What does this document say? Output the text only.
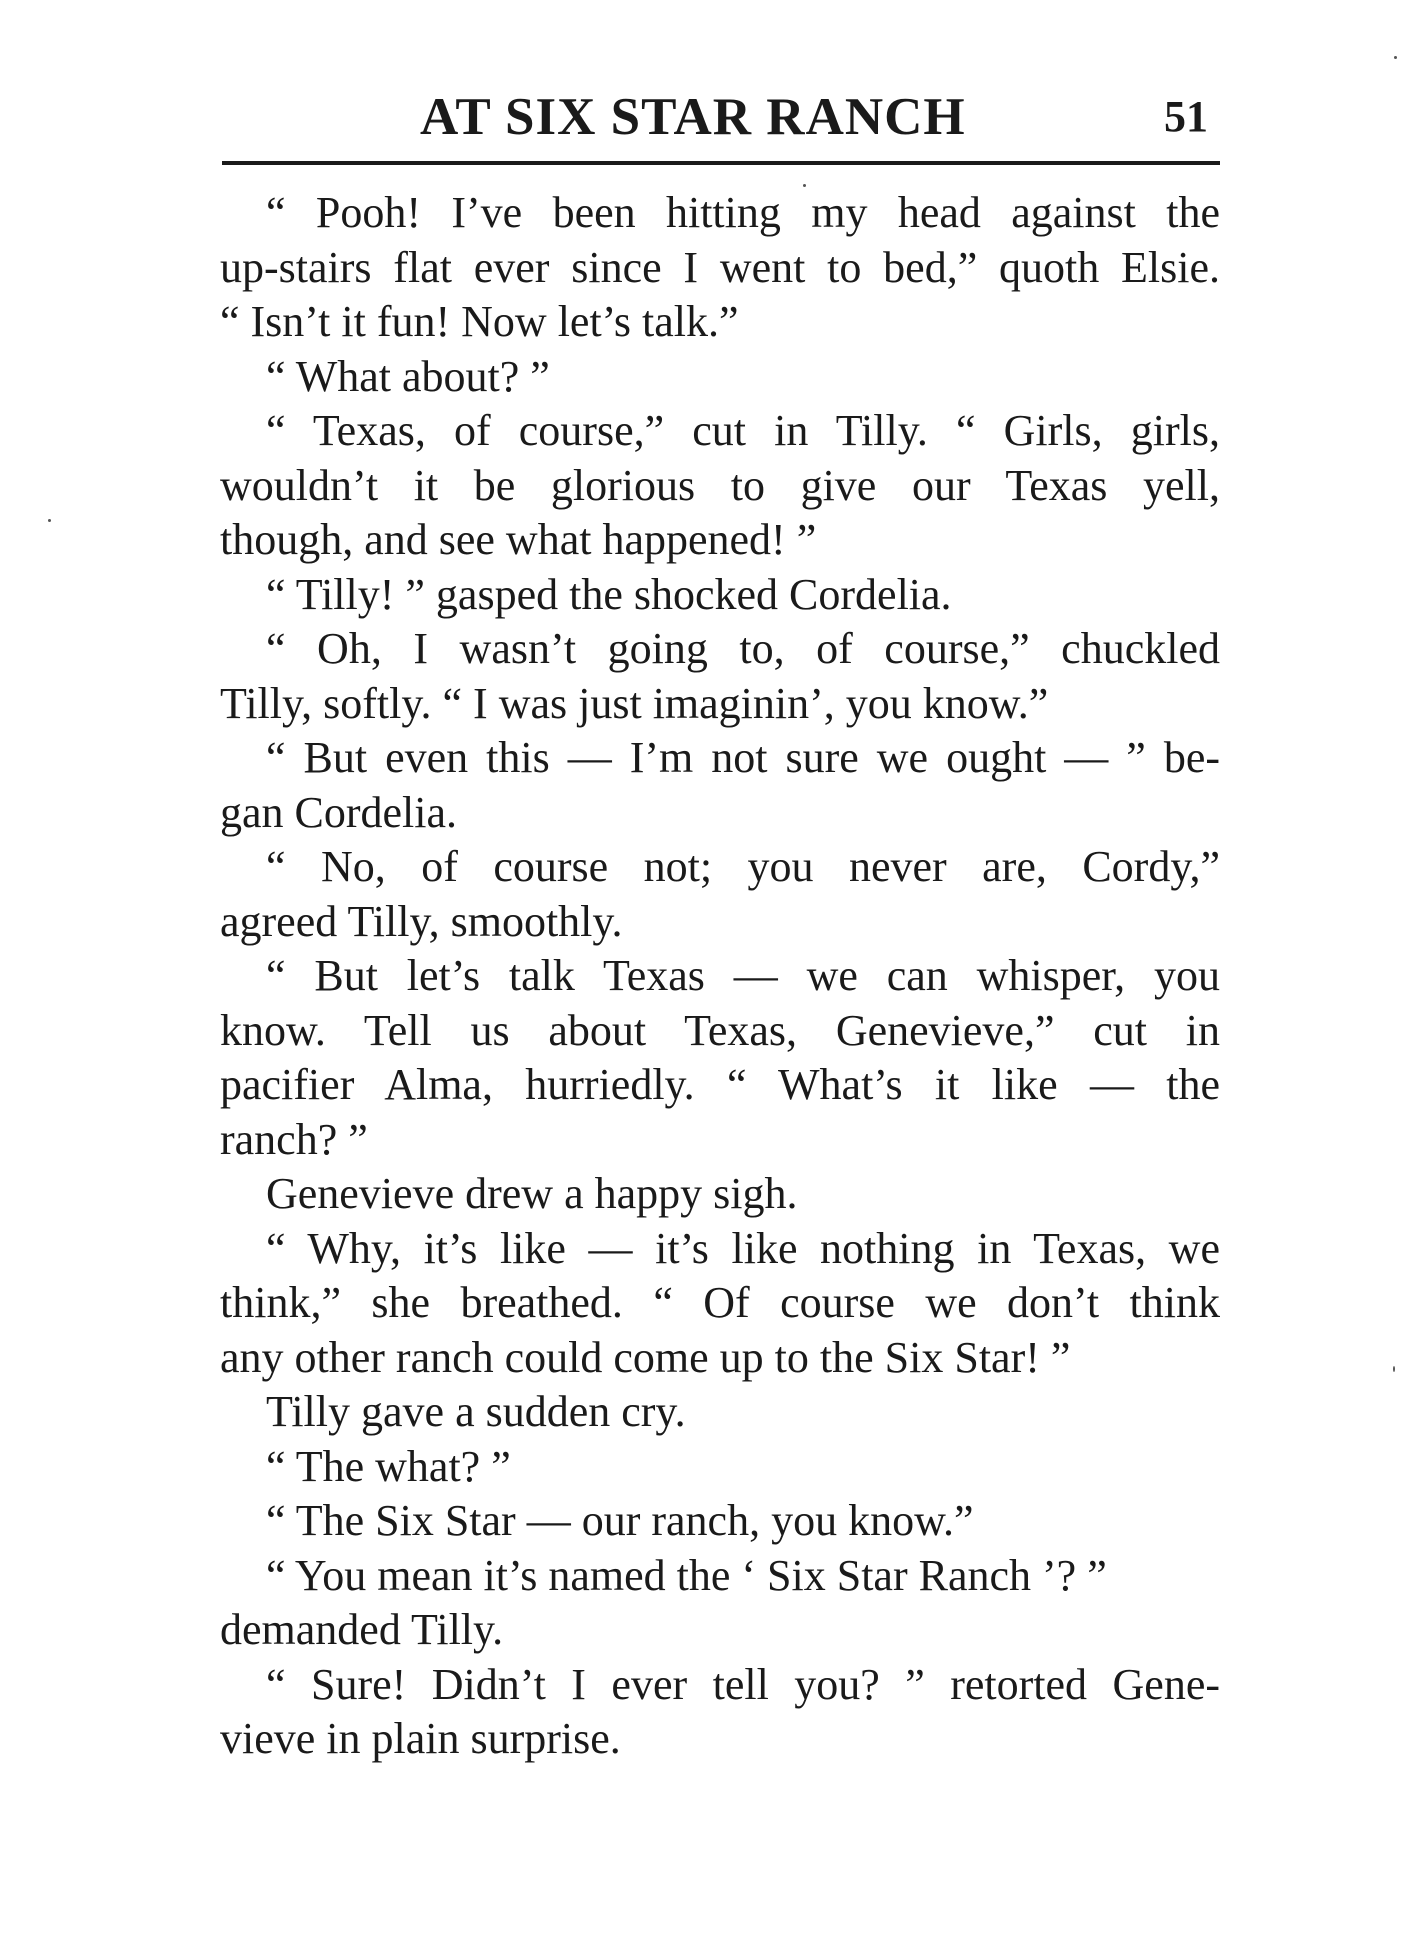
AT SIX STAR RANCH	51
“ Pooh! I’ve been hitting my head against the
up-stairs flat ever since I went to bed,” quoth Elsie.
“ Isn’t it fun! Now let’s talk.”
“ What about? ”
“ Texas, of course,” cut in Tilly. “ Girls, girls,
wouldn’t it be glorious to give our Texas yell,
though, and see what happened! ”
“ Tilly! ” gasped the shocked Cordelia.
“ Oh, I wasn’t going to, of course,” chuckled
Tilly, softly. “ I was just imaginin’, you know.”
“ But even this — I’m not sure we ought — ” be-
gan Cordelia.
“ No, of course not; you never are, Cordy,”
agreed Tilly, smoothly.
“ But let’s talk Texas — we can whisper, you
know. Tell us about Texas, Genevieve,” cut in
pacifier Alma, hurriedly. “ What’s it like — the
ranch? ”
Genevieve drew a happy sigh.
“ Why, it’s like — it’s like nothing in Texas, we
think,” she breathed. “ Of course we don’t think
any other ranch could come up to the Six Star! ”
Tilly gave a sudden cry.
“ The what? ”
“ The Six Star — our ranch, you know.”
“ You mean it’s named the ‘ Six Star Ranch ’? ”
demanded Tilly.
“ Sure! Didn’t I ever tell you? ” retorted Gene-
vieve in plain surprise.
